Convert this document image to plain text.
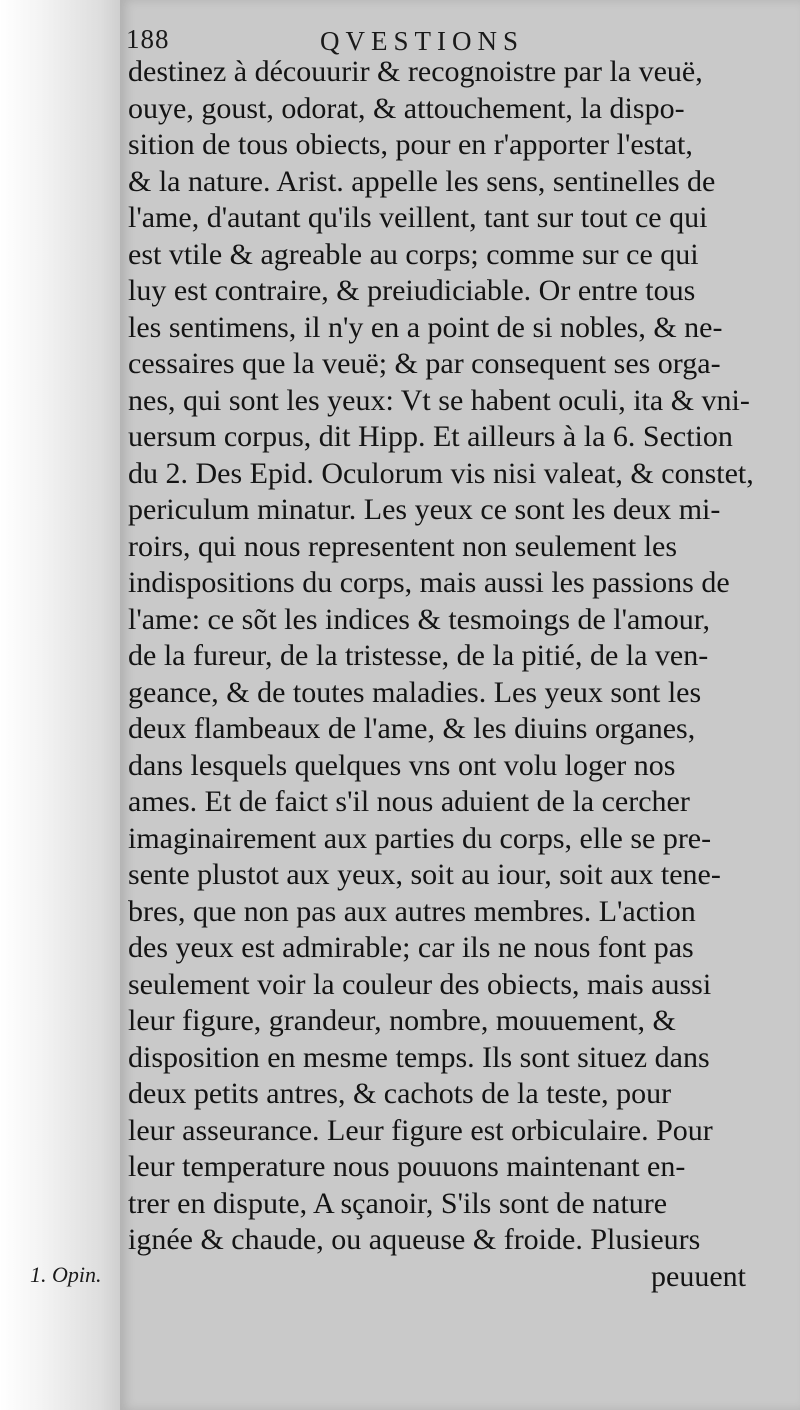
188	QVESTIONS
destinez à découurir & recognoistre par la veuë,
ouye, goust, odorat, & attouchement, la dispo-
sition de tous obiects, pour en r'apporter l'estat,
& la nature. Arist. appelle les sens, sentinelles de
l'ame, d'autant qu'ils veillent, tant sur tout ce qui
est vtile & agreable au corps; comme sur ce qui
luy est contraire, & preiudiciable. Or entre tous
les sentimens, il n'y en a point de si nobles, & ne-
cessaires que la veuë; & par consequent ses orga-
nes, qui sont les yeux: Vt se habent oculi, ita & vni-
uersum corpus, dit Hipp. Et ailleurs à la 6. Section
du 2. Des Epid. Oculorum vis nisi valeat, & constet,
periculum minatur. Les yeux ce sont les deux mi-
roirs, qui nous representent non seulement les
indispositions du corps, mais aussi les passions de
l'ame: ce sõt les indices & tesmoings de l'amour,
de la fureur, de la tristesse, de la pitié, de la ven-
geance, & de toutes maladies. Les yeux sont les
deux flambeaux de l'ame, & les diuins organes,
dans lesquels quelques vns ont volu loger nos
ames. Et de faict s'il nous aduient de la cercher
imaginairement aux parties du corps, elle se pre-
sente plustot aux yeux, soit au iour, soit aux tene-
bres, que non pas aux autres membres. L'action
des yeux est admirable; car ils ne nous font pas
seulement voir la couleur des obiects, mais aussi
leur figure, grandeur, nombre, mouuement, &
disposition en mesme temps. Ils sont situez dans
deux petits antres, & cachots de la teste, pour
leur asseurance. Leur figure est orbiculaire. Pour
leur temperature nous pouuons maintenant en-
trer en dispute, A sçanoir, S'ils sont de nature
ignée & chaude, ou aqueuse & froide. Plusieurs
peuuent
1. Opin.
